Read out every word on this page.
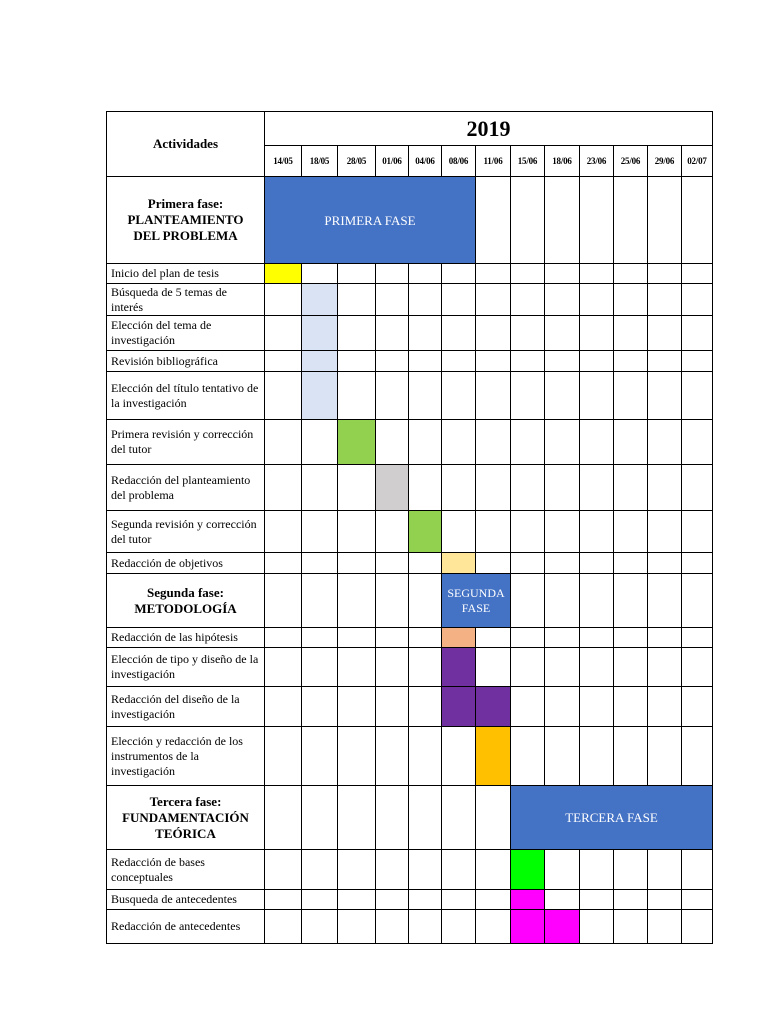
Actividades	2019												
	14/05	18/05	28/05	01/06	04/06	08/06	11/06	15/06	18/06	23/06	25/06	29/06	02/07
Primera fase:
PLANTEAMIENTO
DEL PROBLEMA	PRIMERA FASE												
Inicio del plan de tesis													
Búsqueda de 5 temas de interés													
Elección del tema de investigación													
Revisión bibliográfica													
Elección del título tentativo de la investigación													
Primera revisión y corrección del tutor													
Redacción del planteamiento del problema													
Segunda revisión y corrección del tutor													
Redacción de objetivos													
Segunda fase:
METODOLOGÍA						SEGUNDA FASE							
Redacción de las hipótesis													
Elección de tipo y diseño de la investigación													
Redacción del diseño de la investigación													
Elección y redacción de los instrumentos de la investigación													
Tercera fase:
FUNDAMENTACIÓN
TEÓRICA								TERCERA FASE					
Redacción de bases conceptuales													
Busqueda de antecedentes													
Redacción de antecedentes													
